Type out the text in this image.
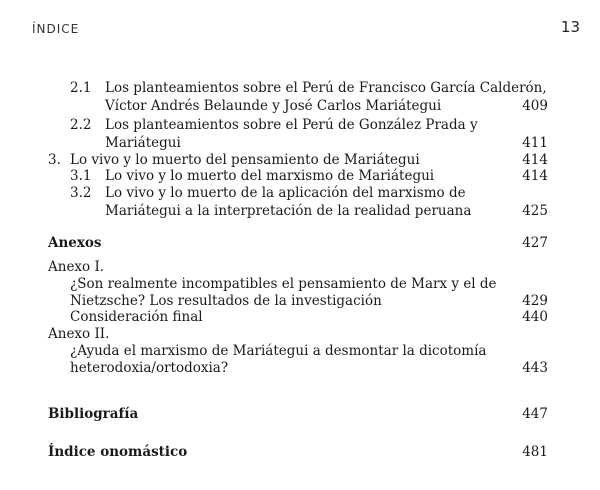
ÍNDICE	13
2.1 Los planteamientos sobre el Perú de Francisco García Calderón,
Víctor Andrés Belaunde y José Carlos Mariátegui	409
2.2 Los planteamientos sobre el Perú de González Prada y
Mariátegui	411
3. Lo vivo y lo muerto del pensamiento de Mariátegui	414
3.1 Lo vivo y lo muerto del marxismo de Mariátegui	414
3.2 Lo vivo y lo muerto de la aplicación del marxismo de
Mariátegui a la interpretación de la realidad peruana	425
Anexos	427
Anexo I.
¿Son realmente incompatibles el pensamiento de Marx y el de
Nietzsche? Los resultados de la investigación	429
Consideración final	440
Anexo II.
¿Ayuda el marxismo de Mariátegui a desmontar la dicotomía
heterodoxia/ortodoxia?	443
Bibliografía	447
Índice onomástico	481
